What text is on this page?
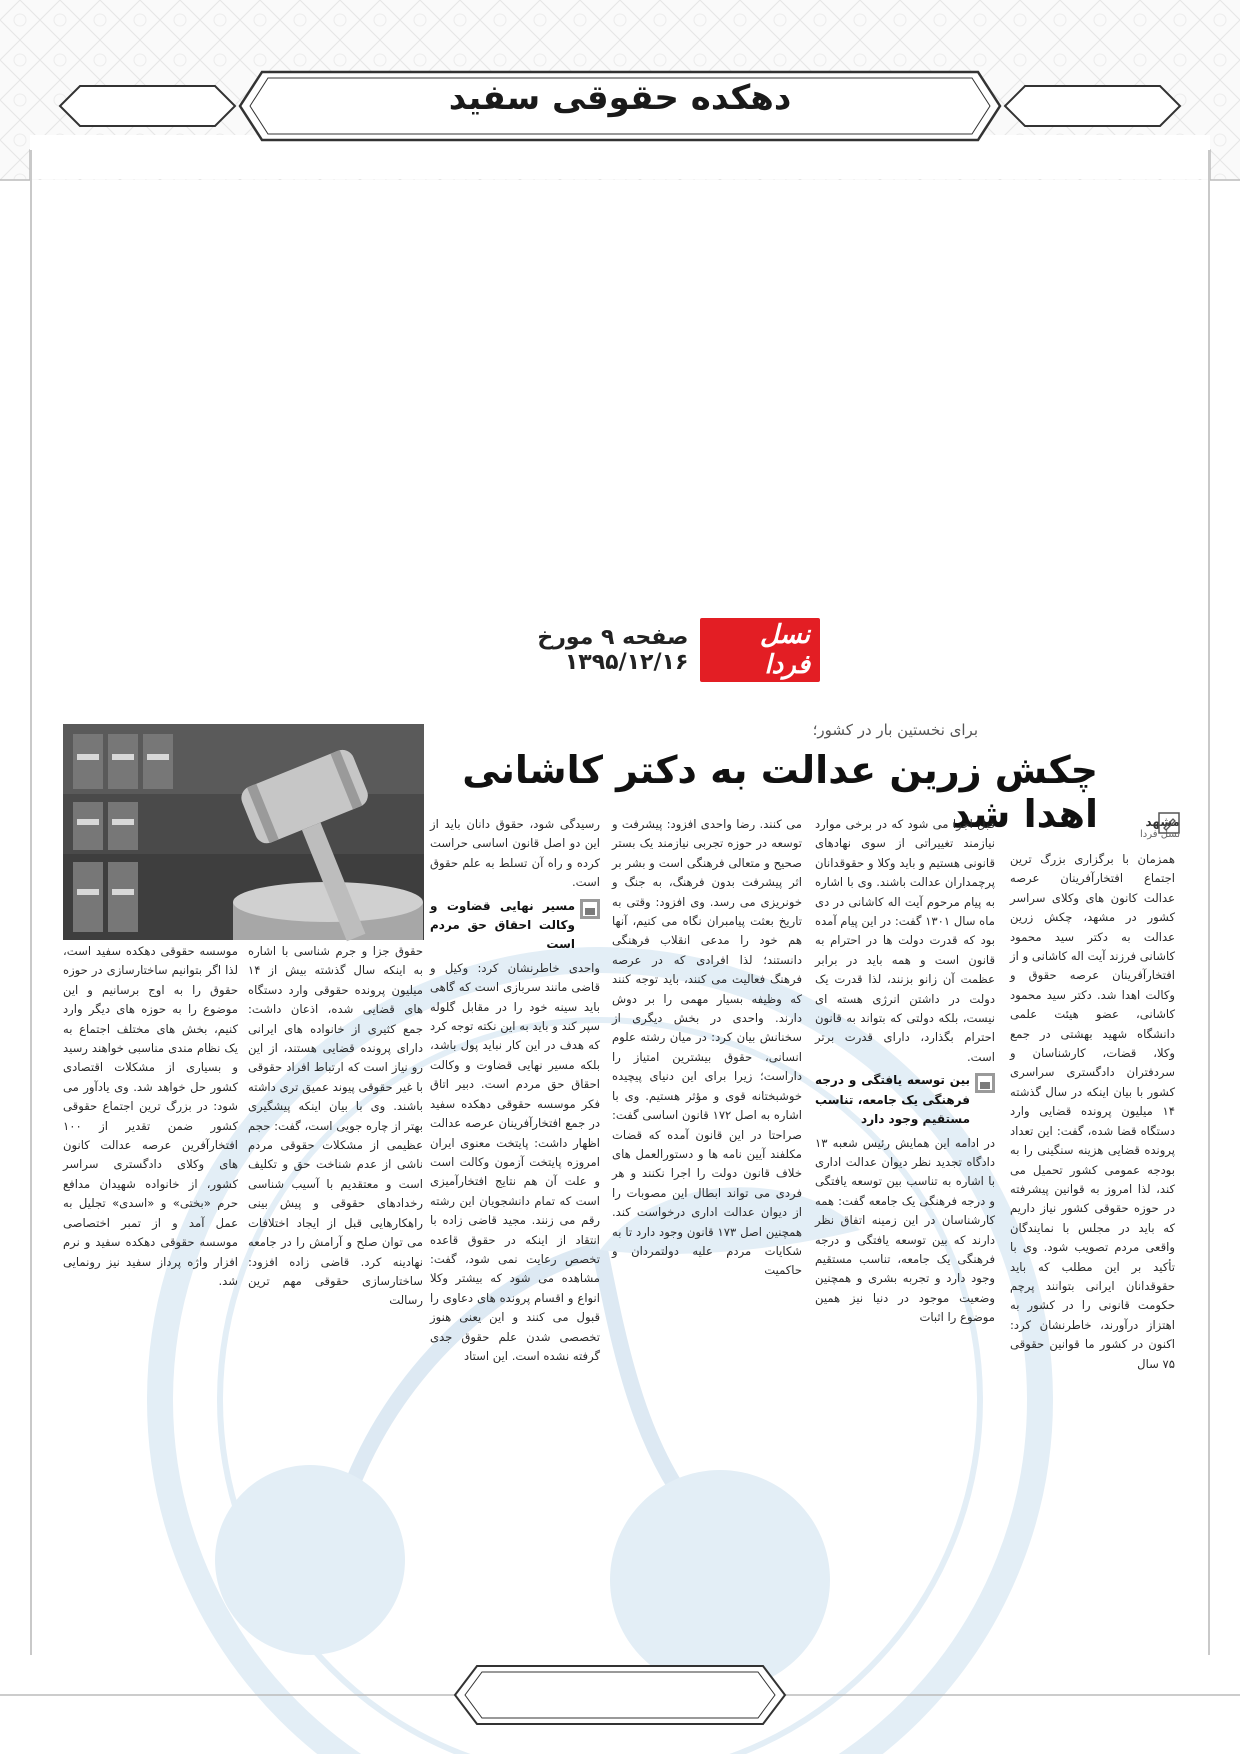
دهکده حقوقی سفید
صفحه ۹ مورخ ۱۳۹۵/۱۲/۱۶
نسل فردا
برای نخستین بار در کشور؛
چکش زرین عدالت به دکتر کاشانی اهدا شد	مشهد
نسل فردا

همزمان با برگزاری بزرگ ترین اجتماع افتخارآفرینان عرصه عدالت کانون های وکلای سراسر کشور در مشهد، چکش زرین عدالت به دکتر سید محمود کاشانی فرزند آیت اله کاشانی و از افتخارآفرینان عرصه حقوق و وکالت اهدا شد. دکتر سید محمود کاشانی، عضو هیئت علمی دانشگاه شهید بهشتی در جمع وکلا، قضات، کارشناسان و سردفتران دادگستری سراسری کشور با بیان اینکه در سال گذشته ۱۴ میلیون پرونده قضایی وارد دستگاه قضا شده، گفت: این تعداد پرونده قضایی هزینه سنگینی را به بودجه عمومی کشور تحمیل می کند، لذا امروز به قوانین پیشرفته در حوزه حقوقی کشور نیاز داریم که باید در مجلس با نمایندگان واقعی مردم تصویب شود. وی با تأکید بر این مطلب که باید حقوقدانان ایرانی بتوانند پرچم حکومت قانونی را در کشور به اهتزاز درآورند، خاطرنشان کرد: اکنون در کشور ما قوانین حقوقی ۷۵ سال

قبل اجرا می شود که در برخی موارد نیازمند تغییراتی از سوی نهادهای قانونی هستیم و باید وکلا و حقوقدانان پرچمداران عدالت باشند. وی با اشاره به پیام مرحوم آیت اله کاشانی در دی ماه سال ۱۳۰۱ گفت: در این پیام آمده بود که قدرت دولت ها در احترام به قانون است و همه باید در برابر عظمت آن زانو بزنند، لذا قدرت یک دولت در داشتن انرژی هسته ای نیست، بلکه دولتی که بتواند به قانون احترام بگذارد، دارای قدرت برتر است.

بین توسعه یافتگی و درجه فرهنگی یک جامعه، تناسب مستقیم وجود دارد

در ادامه این همایش رئیس شعبه ۱۳ دادگاه تجدید نظر دیوان عدالت اداری با اشاره به تناسب بین توسعه یافتگی و درجه فرهنگی یک جامعه گفت: همه کارشناسان در این زمینه اتفاق نظر دارند که بین توسعه یافتگی و درجه فرهنگی یک جامعه، تناسب مستقیم وجود دارد و تجربه بشری و همچنین وضعیت موجود در دنیا نیز همین موضوع را اثبات

می کنند. رضا واحدی افزود: پیشرفت و توسعه در حوزه تجربی نیازمند یک بستر صحیح و متعالی فرهنگی است و بشر بر اثر پیشرفت بدون فرهنگ، به جنگ و خونریزی می رسد. وی افزود: وقتی به تاریخ بعثت پیامبران نگاه می کنیم، آنها هم خود را مدعی انقلاب فرهنگی دانستند؛ لذا افرادی که در عرصه فرهنگ فعالیت می کنند، باید توجه کنند که وظیفه بسیار مهمی را بر دوش دارند. واحدی در بخش دیگری از سخنانش بیان کرد: در میان رشته علوم انسانی، حقوق بیشترین امتیاز را داراست؛ زیرا برای این دنیای پیچیده خوشبختانه قوی و مؤثر هستیم. وی با اشاره به اصل ۱۷۲ قانون اساسی گفت: صراحتا در این قانون آمده که قضات مکلفند آیین نامه ها و دستورالعمل های خلاف قانون دولت را اجرا نکنند و هر فردی می تواند ابطال این مصوبات را از دیوان عدالت اداری درخواست کند. همچنین اصل ۱۷۳ قانون وجود دارد تا به شکایات مردم علیه دولتمردان و حاکمیت

رسیدگی شود، حقوق دانان باید از این دو اصل قانون اساسی حراست کرده و راه آن تسلط به علم حقوق است.

مسیر نهایی قضاوت و وکالت احقاق حق مردم است

واحدی خاطرنشان کرد: وکیل و قاضی مانند سربازی است که گاهی باید سینه خود را در مقابل گلوله سپر کند و باید به این نکته توجه کرد که هدف در این کار نباید پول باشد، بلکه مسیر نهایی قضاوت و وکالت احقاق حق مردم است. دبیر اتاق فکر موسسه حقوقی دهکده سفید در جمع افتخارآفرینان عرصه عدالت اظهار داشت: پایتخت معنوی ایران امروزه پایتخت آزمون وکالت است و علت آن هم نتایج افتخارآمیزی است که تمام دانشجویان این رشته رقم می زنند. مجید قاضی زاده با انتقاد از اینکه در حقوق قاعده تخصص رعایت نمی شود، گفت: مشاهده می شود که بیشتر وکلا انواع و اقسام پرونده های دعاوی را قبول می کنند و این یعنی هنوز تخصصی شدن علم حقوق جدی گرفته نشده است. این استاد

حقوق جزا و جرم شناسی با اشاره به اینکه سال گذشته بیش از ۱۴ میلیون پرونده حقوقی وارد دستگاه های قضایی شده، اذعان داشت: جمع کثیری از خانواده های ایرانی دارای پرونده قضایی هستند، از این رو نیاز است که ارتباط افراد حقوقی با غیر حقوقی پیوند عمیق تری داشته باشند. وی با بیان اینکه پیشگیری بهتر از چاره جویی است، گفت: حجم عظیمی از مشکلات حقوقی مردم ناشی از عدم شناخت حق و تکلیف است و معتقدیم با آسیب شناسی رخدادهای حقوقی و پیش بینی راهکارهایی قبل از ایجاد اختلافات می توان صلح و آرامش را در جامعه نهادینه کرد. قاضی زاده افزود: ساختارسازی حقوقی مهم ترین رسالت

موسسه حقوقی دهکده سفید است، لذا اگر بتوانیم ساختارسازی در حوزه حقوق را به اوج برسانیم و این موضوع را به حوزه های دیگر وارد کنیم، بخش های مختلف اجتماع به یک نظام مندی مناسبی خواهند رسید و بسیاری از مشکلات اقتصادی کشور حل خواهد شد. وی یادآور می شود: در بزرگ ترین اجتماع حقوقی کشور ضمن تقدیر از ۱۰۰ افتخارآفرین عرصه عدالت کانون های وکلای دادگستری سراسر کشور، از خانواده شهیدان مدافع حرم «بختی» و «اسدی» تجلیل به عمل آمد و از تمبر اختصاصی موسسه حقوقی دهکده سفید و نرم افزار واژه پرداز سفید نیز رونمایی شد.
